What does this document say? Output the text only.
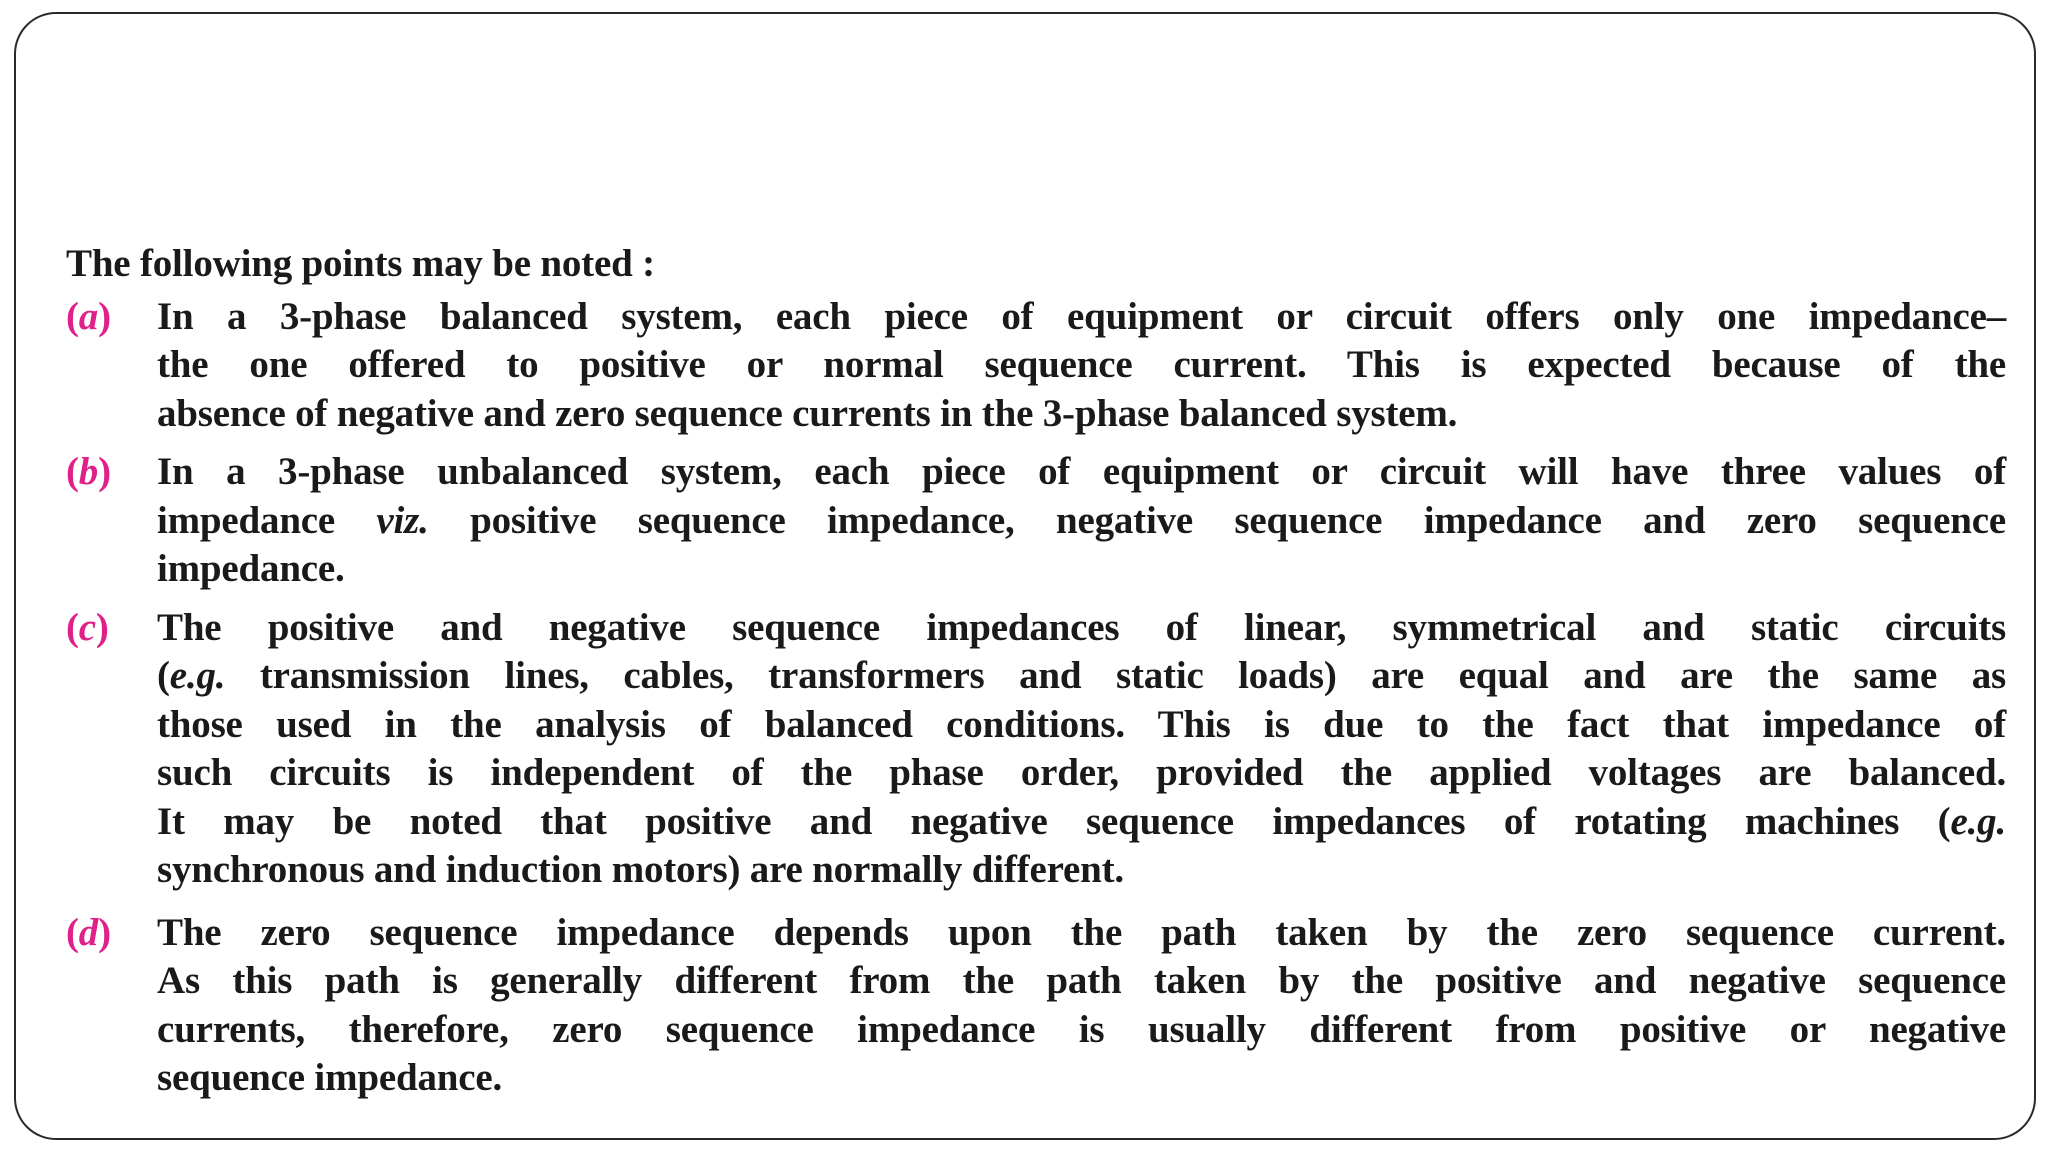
The following points may be noted :
(a) In a 3-phase balanced system, each piece of equipment or circuit offers only one impedance–
the one offered to positive or normal sequence current. This is expected because of the
absence of negative and zero sequence currents in the 3-phase balanced system.
(b) In a 3-phase unbalanced system, each piece of equipment or circuit will have three values of
impedance viz. positive sequence impedance, negative sequence impedance and zero sequence
impedance.
(c) The positive and negative sequence impedances of linear, symmetrical and static circuits
(e.g. transmission lines, cables, transformers and static loads) are equal and are the same as
those used in the analysis of balanced conditions. This is due to the fact that impedance of
such circuits is independent of the phase order, provided the applied voltages are balanced.
It may be noted that positive and negative sequence impedances of rotating machines (e.g.
synchronous and induction motors) are normally different.
(d) The zero sequence impedance depends upon the path taken by the zero sequence current.
As this path is generally different from the path taken by the positive and negative sequence
currents, therefore, zero sequence impedance is usually different from positive or negative
sequence impedance.
